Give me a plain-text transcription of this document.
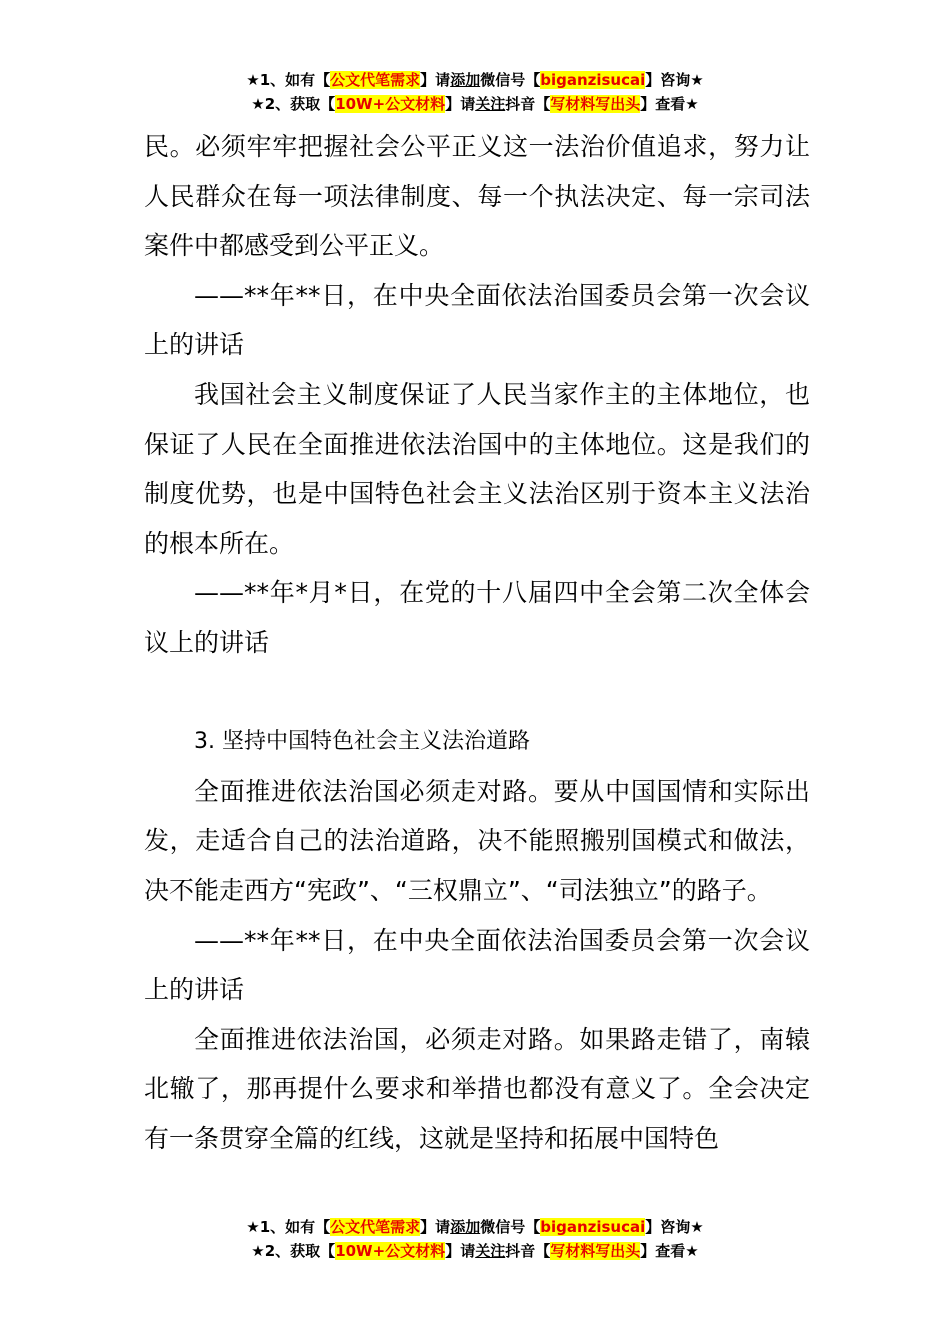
★1、如有【公文代笔需求】请添加微信号【biganzisucai】咨询★
★2、获取【10W+公文材料】请关注抖音【写材料写出头】查看★

民。必须牢牢把握社会公平正义这一法治价值追求，努力让人民群众在每一项法律制度、每一个执法决定、每一宗司法案件中都感受到公平正义。

——**年**日，在中央全面依法治国委员会第一次会议上的讲话

我国社会主义制度保证了人民当家作主的主体地位，也保证了人民在全面推进依法治国中的主体地位。这是我们的制度优势，也是中国特色社会主义法治区别于资本主义法治的根本所在。

——**年*月*日，在党的十八届四中全会第二次全体会议上的讲话

3. 坚持中国特色社会主义法治道路

全面推进依法治国必须走对路。要从中国国情和实际出发，走适合自己的法治道路，决不能照搬别国模式和做法，决不能走西方“宪政”、“三权鼎立”、“司法独立”的路子。

——**年**日，在中央全面依法治国委员会第一次会议上的讲话

全面推进依法治国，必须走对路。如果路走错了，南辕北辙了，那再提什么要求和举措也都没有意义了。全会决定有一条贯穿全篇的红线，这就是坚持和拓展中国特色

★1、如有【公文代笔需求】请添加微信号【biganzisucai】咨询★
★2、获取【10W+公文材料】请关注抖音【写材料写出头】查看★
